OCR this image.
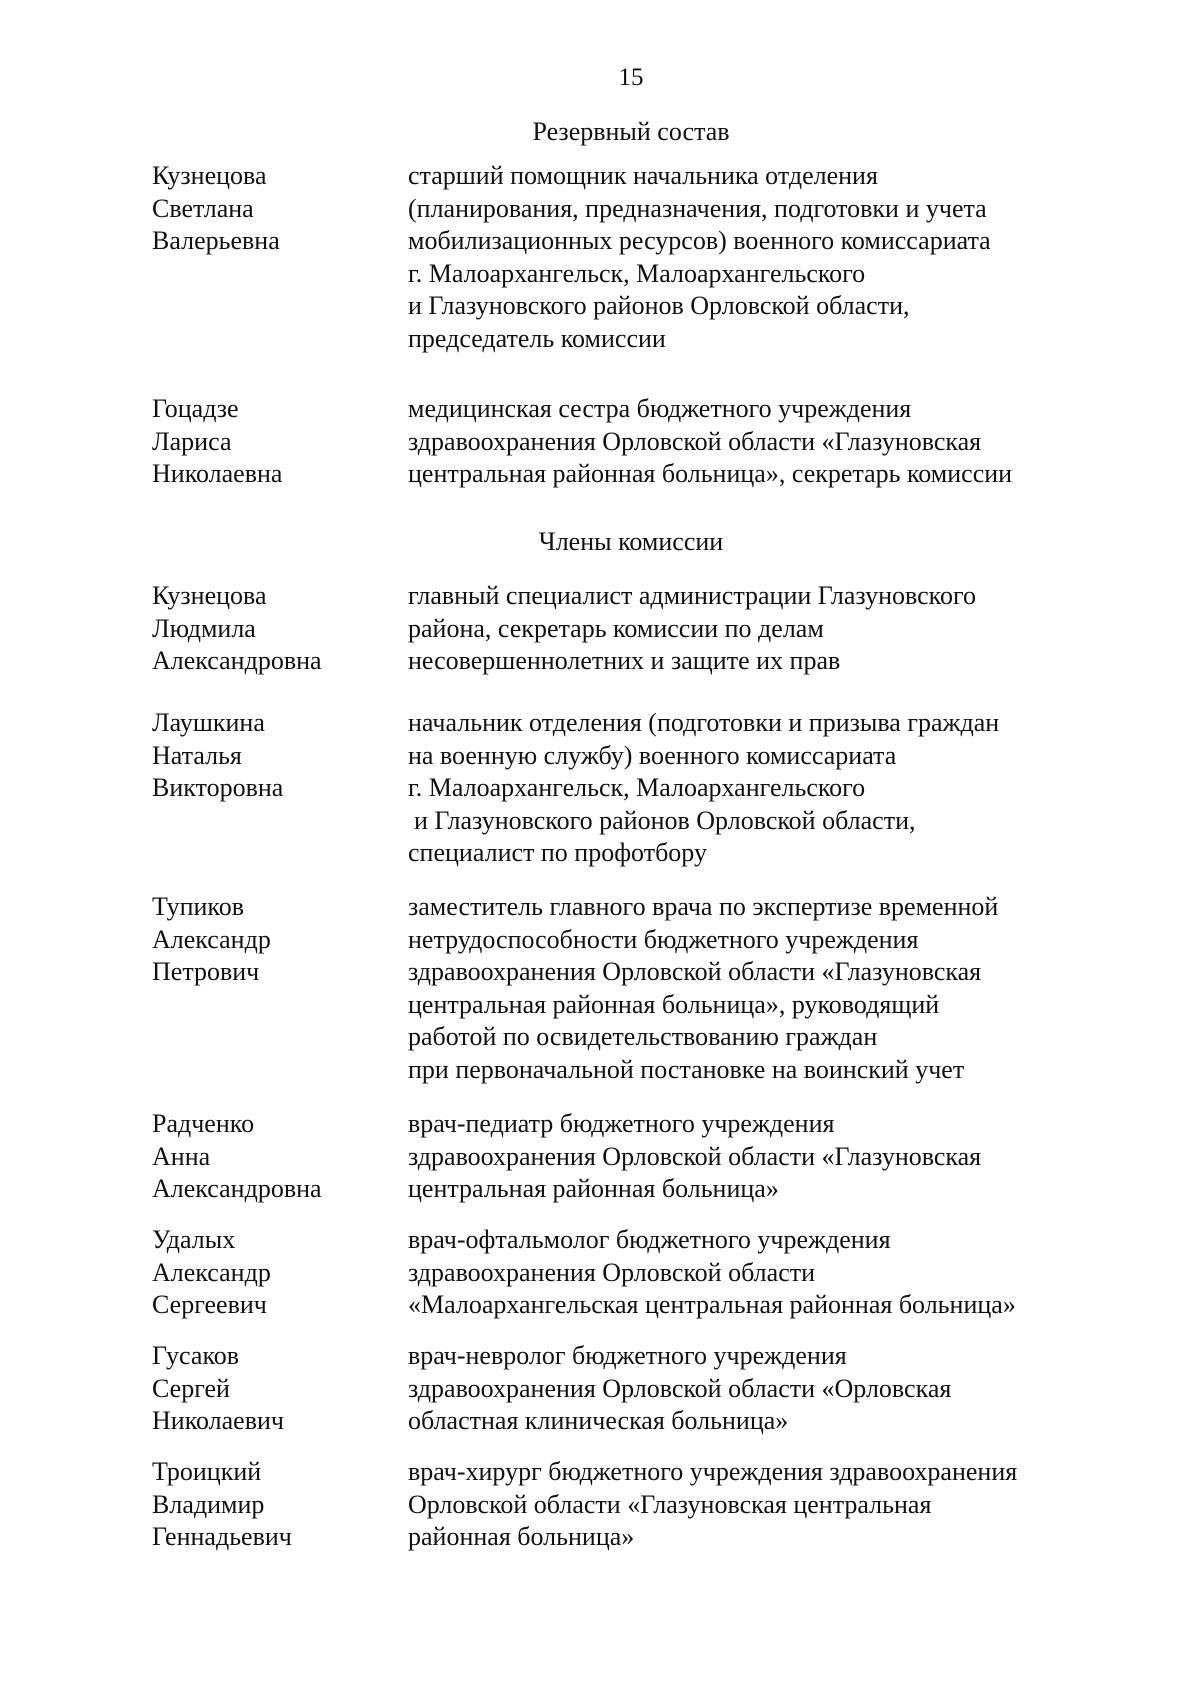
15
Резервный состав
Кузнецова
Светлана
Валерьевна
старший помощник начальника отделения
(планирования, предназначения, подготовки и учета
мобилизационных ресурсов) военного комиссариата
г. Малоархангельск, Малоархангельского
и Глазуновского районов Орловской области,
председатель комиссии
Гоцадзе
Лариса
Николаевна
медицинская сестра бюджетного учреждения
здравоохранения Орловской области «Глазуновская
центральная районная больница», секретарь комиссии
Члены комиссии
Кузнецова
Людмила
Александровна
главный специалист администрации Глазуновского
района, секретарь комиссии по делам
несовершеннолетних и защите их прав
Лаушкина
Наталья
Викторовна
начальник отделения (подготовки и призыва граждан
на военную службу) военного комиссариата
г. Малоархангельск, Малоархангельского
и Глазуновского районов Орловской области,
специалист по профотбору
Тупиков
Александр
Петрович
заместитель главного врача по экспертизе временной
нетрудоспособности бюджетного учреждения
здравоохранения Орловской области «Глазуновская
центральная районная больница», руководящий
работой по освидетельствованию граждан
при первоначальной постановке на воинский учет
Радченко
Анна
Александровна
врач-педиатр бюджетного учреждения
здравоохранения Орловской области «Глазуновская
центральная районная больница»
Удалых
Александр
Сергеевич
врач-офтальмолог бюджетного учреждения
здравоохранения Орловской области
«Малоархангельская центральная районная больница»
Гусаков
Сергей
Николаевич
врач-невролог бюджетного учреждения
здравоохранения Орловской области «Орловская
областная клиническая больница»
Троицкий
Владимир
Геннадьевич
врач-хирург бюджетного учреждения здравоохранения
Орловской области «Глазуновская центральная
районная больница»
